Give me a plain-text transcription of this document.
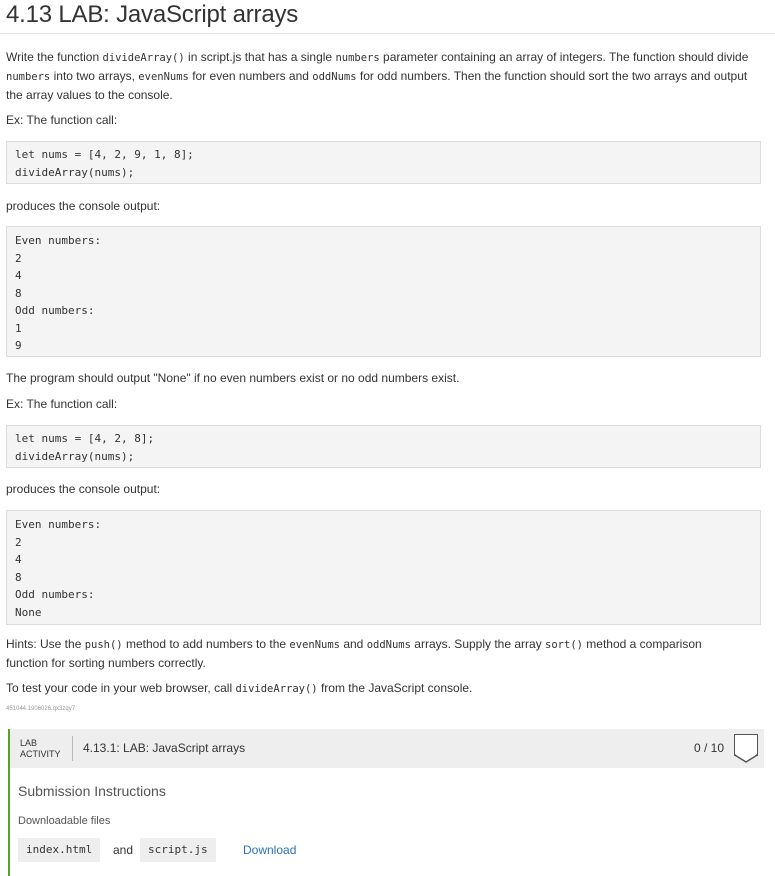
4.13 LAB: JavaScript arrays

Write the function divideArray() in script.js that has a single numbers parameter containing an array of integers. The function should divide numbers into two arrays, evenNums for even numbers and oddNums for odd numbers. Then the function should sort the two arrays and output the array values to the console.

Ex: The function call:

let nums = [4, 2, 9, 1, 8];
divideArray(nums);

produces the console output:

Even numbers:
2
4
8
Odd numbers:
1
9

The program should output "None" if no even numbers exist or no odd numbers exist.

Ex: The function call:

let nums = [4, 2, 8];
divideArray(nums);

produces the console output:

Even numbers:
2
4
8
Odd numbers:
None

Hints: Use the push() method to add numbers to the evenNums and oddNums arrays. Supply the array sort() method a comparison function for sorting numbers correctly.

To test your code in your web browser, call divideArray() from the JavaScript console.

451044.1906026.qx3zqy7
LAB
ACTIVITY 4.13.1: LAB: JavaScript arrays	0 / 10
Submission Instructions
Downloadable files
index.html	and	script.js	Download
